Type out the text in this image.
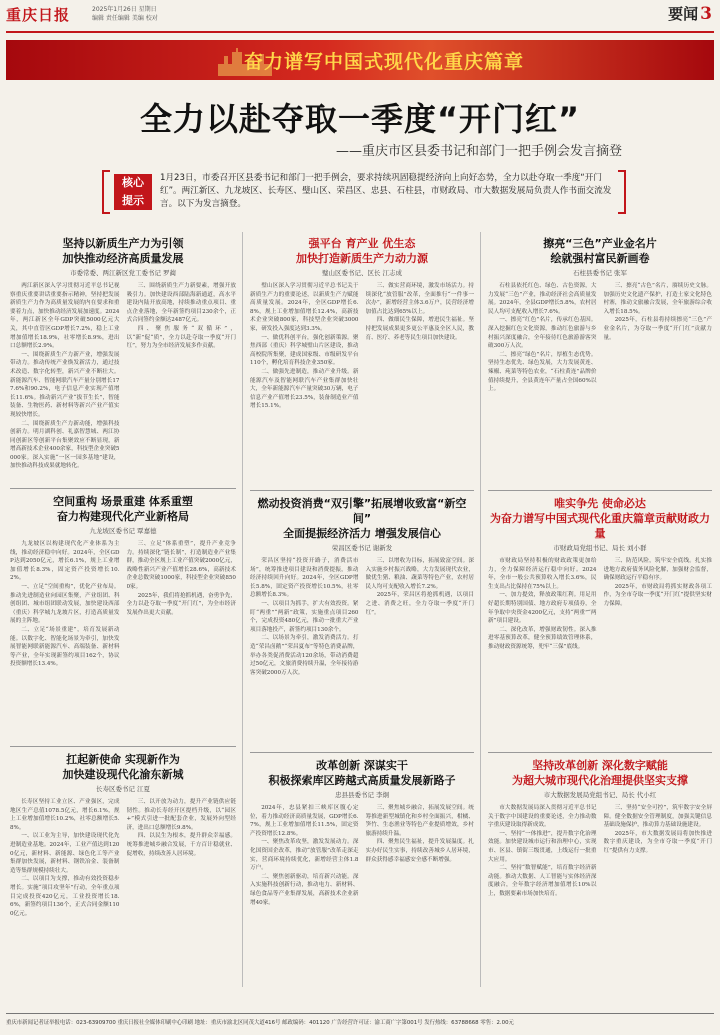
重庆日报	2025年1月26日 星期日
编辑 责任编辑 美编 校对	要闻 3
奋力谱写中国式现代化重庆篇章
全力以赴夺取一季度“开门红”
——重庆市区县委书记和部门一把手例会发言摘登
核心
提示
1月23日，市委召开区县委书记和部门一把手例会，要求持续巩固稳提经济向上向好态势，全力以赴夺取一季度“开门红”。两江新区、九龙坡区、长寿区、璧山区、荣昌区、忠县、石柱县，市财政局、市大数据发展局负责人作书面交流发言。以下为发言摘登。
坚持以新质生产力为引领
加快推动经济高质量发展
市委常委、两江新区党工委书记 罗蔺

两江新区深入学习贯彻习近平总书记视察重庆重要讲话重要指示精神，坚持把发展新质生产力作为高质量发展的内在要求和重要着力点，加快推动经济发展加速度。2024年，两江新区全年GDP突破5000亿元大关，其中直管区GDP增长7.2%，稳上工业增加值增长18.9%，社零增长8.9%，进出口总额增长2.9%。

一、围绕新质生产力新产业，增强发展带动力。推动传统产业焕发新活力，通过技术改造、数字化转型，新兴产业不断壮大。新能源汽车、智能网联汽车产量分别增长177.6%和90.2%，电子信息产业实现产值增长11.6%。推动新兴产业“拔节生长”，智能装备、生物医药、新材料等新兴产业产值实现较快增长。

二、围绕新质生产力新动能，增强科技创新力。明月湖科创、礼嘉智慧城、两江协同创新区等创新平台集聚效应不断显现，新增高新技术企业400余家，科技型企业突破5000家。深入实施“一区一园多基地”建设，加快推动科技成果就地转化。

三、围绕新质生产力新要素，增强开放吸引力。加快建设西部陆海新通道，高水平建设内陆开放高地，持续推动重点项目、重点企业落地，全年新签约项目230余个，正式合同签约金额达2487亿元。

四、聚焦服务“双循环”，以“新”促“质”，全力以赴夺取一季度“开门红”，努力为全市经济发展多作贡献。

空间重构 场景重建 体系重塑
奋力构建现代化产业新格局
九龙坡区委书记 覃嘉德

九龙坡区以构建现代化产业体系为主线，推动经济稳中向好。2024年，全区GDP达到2050亿元，增长6.1%，规上工业增加值增长8.3%，固定资产投资增长10.2%。

一、立足“空间重构”，优化产业布局。推动先进制造业向园区集聚，产业组团、科创组团、城市组团联动发展，加快建设西部（重庆）科学城九龙坡片区，打造高质量发展的主阵地。

二、立足“场景重建”，培育发展新动能。以数字化、智能化场景为牵引，加快发展智能网联新能源汽车、高端装备、新材料等产业，全年实现新签约项目162个，协议投资额增长13.4%。

三、立足“体系重塑”，提升产业竞争力。持续深化“链长制”，打造制造业产业集群，推动全区规上工业产值突破2000亿元，战略性新兴产业产值增长28.6%，高新技术企业总数突破1000家，科技型企业突破8500家。

2025年，我们将抢抓机遇，奋勇争先，全力以赴夺取一季度“开门红”，为全市经济发展作出更大贡献。

扛起新使命 实现新作为
加快建设现代化渝东新城
长寿区委书记 江夏

长寿区坚持工业立区、产业强区，完成地区生产总值1078.5亿元，增长6.1%，规上工业增加值增长10.2%，社零总额增长5.8%。

一、以工业为主导，加快建设现代化先进制造业基地。2024年，工业产值达到1200亿元，新材料、新能源、绿色化工等产业集群加快发展，新材料、钢铁冶金、装备制造等集群规模持续壮大。

二、以项目为支撑，推动有效投资稳步增长。实施“项目攻坚年”行动，全年重点项目完成投资420亿元，工业投资增长18.6%，新签约项目136个，正式合同金额1100亿元。

三、以开放为动力，提升产业链供应链韧性。推动长寿经开区提档升级，以“园区+”模式引进一批配套企业，发展外向型经济，进出口总额增长9.8%。

四、以民生为根本，提升群众幸福感。统筹推进城乡融合发展，千方百计稳就业、促增收，持续改善人居环境。

强平台 育产业 优生态
加快打造新质生产力动力源
璧山区委书记、区长 江志成

璧山区深入学习贯彻习近平总书记关于新质生产力的重要论述，以新质生产力赋能高质量发展。2024年，全区GDP增长6.8%，规上工业增加值增长12.4%，高新技术企业突破800家，科技型企业突破3000家，研发投入强度达到3.3%。

一、做优科创平台，强化创新策源。聚焦西部（重庆）科学城璧山片区建设，推动高校院所集聚，建成国家级、市级研发平台110个，孵化培育科技企业350家。

二、做强先进制造，推动产业升级。新能源汽车及智能网联汽车产业集群加快壮大，全年新能源汽车产量突破30万辆，电子信息产业产值增长23.5%，装备制造业产值增长15.1%。

三、做实营商环境，激发市场活力。持续深化“放管服”改革，全面推行“一件事一次办”，新增经营主体3.6万户，民营经济增加值占比达到65%以上。

四、做细民生保障，增进民生福祉。坚持把发展成果更多更公平惠及全区人民，教育、医疗、养老等民生项目加快建设。

燃动投资消费“双引擎”拓展增收致富“新空间”
全面提振经济活力 增强发展信心
荣昌区委书记 谢新发

荣昌区坚持“投资开路子，消费活市场”，统筹推进项目建设和消费提振，推动经济持续回升向好。2024年，全区GDP增长5.8%，固定资产投资增长10.5%，社零总额增长8.3%。

一、以项目为抓手，扩大有效投资。紧盯“两重”“两新”政策，实施重点项目260个，完成投资480亿元，推动一批重大产业项目落地投产，新签约项目130余个。

二、以场景为牵引，激发消费活力。打造“荣昌卤鹅”“荣昌夏布”等特色消费品牌，举办各类促消费活动120余场，带动消费超过50亿元，文旅消费持续升温，全年接待游客突破2000万人次。

三、以增收为目标，拓展致富空间。深入实施乡村振兴战略，大力发展现代农业，做优生猪、粮油、蔬菜等特色产业，农村居民人均可支配收入增长7.2%。

2025年，荣昌区将抢抓机遇，以项目之进、消费之旺，全力夺取一季度“开门红”。

改革创新 深谋实干
积极探索库区跨越式高质量发展新路子
忠县县委书记 李炯

2024年，忠县紧扣三峡库区腹心定位，着力推动经济高质量发展，GDP增长6.7%，规上工业增加值增长11.5%，固定资产投资增长12.8%。

一、聚焦改革攻坚，激发发展动力。深化国资国企改革，推动“放管服”改革走深走实，营商环境持续优化，新增经营主体1.8万户。

二、聚焦创新驱动，培育新兴动能。深入实施科技创新行动，推动电力、新材料、绿色食品等产业集群发展，高新技术企业新增40家。

三、聚焦城乡融合，拓展发展空间。统筹推进新型城镇化和乡村全面振兴，柑橘、笋竹、生态渔业等特色产业提质增效，乡村旅游持续升温。

四、聚焦民生福祉，提升发展温度。扎实办好民生实事，持续改善城乡人居环境，群众获得感幸福感安全感不断增强。

擦亮“三色”产业金名片
绘就强村富民新画卷
石柱县委书记 张军

石柱县依托红色、绿色、古色资源，大力发展“三色”产业，推动经济社会高质量发展。2024年，全县GDP增长5.8%，农村居民人均可支配收入增长7.6%。

一、擦亮“红色”名片，传承红色基因。深入挖掘红色文化资源，推动红色旅游与乡村振兴深度融合，全年接待红色旅游游客突破300万人次。

二、擦亮“绿色”名片，厚植生态优势。坚持生态优先、绿色发展，大力发展黄连、辣椒、莼菜等特色农业，“石柱黄连”品牌价值持续提升，全县黄连年产量占全国60%以上。

三、擦亮“古色”名片，赓续历史文脉。加强历史文化遗产保护，打造土家文化特色村寨，推动文旅融合发展，全年旅游综合收入增长18.5%。

2025年，石柱县将持续擦亮“三色”产业金名片，为夺取一季度“开门红”贡献力量。

唯实争先 使命必达
为奋力谱写中国式现代化重庆篇章贡献财政力量
市财政局党组书记、局长 刘小群

市财政局坚持积极的财政政策更加给力，全力保障经济运行稳中向好。2024年，全市一般公共预算收入增长3.6%，民生支出占比保持在75%以上。

一、加力提效，释放政策红利。用足用好超长期特别国债、地方政府专项债券，全年争取中央资金4200亿元，支持“两重”“两新”项目建设。

二、深化改革，增强财政韧性。深入推进零基预算改革，健全预算绩效管理体系，推动财政资源统筹，兜牢“三保”底线。

三、防范风险，筑牢安全底线。扎实推进地方政府债务风险化解，加强财会监督，确保财政运行平稳有序。

2025年，市财政局将抓实财政各项工作，为全市夺取一季度“开门红”提供坚实财力保障。

坚持改革创新 深化数字赋能
为超大城市现代化治理提供坚实支撑
市大数据发展局党组书记、局长 代小红

市大数据发展局深入贯彻习近平总书记关于数字中国建设的重要论述，全力推动数字重庆建设取得新成效。

一、坚持“一体推进”，提升数字化治理效能。加快建设城市运行和治理中心，实现市、区县、镇街三级贯通，上线运行一批重大应用。

二、坚持“数智赋能”，培育数字经济新动能。推动大数据、人工智能与实体经济深度融合，全年数字经济增加值增长10%以上，数据要素市场加快培育。

三、坚持“安全可控”，筑牢数字安全屏障。健全数据安全管理制度，加强关键信息基础设施保护，推动算力基础设施建设。

2025年，市大数据发展局将加快推进数字重庆建设，为全市夺取一季度“开门红”提供有力支撑。

重庆市新闻记者证举报电话：023-63909700 重庆日报社全媒体印刷中心印刷 地址：重庆市渝北区同茂大道416号 邮政编码：401120 广告经营许可证：渝工商广字第001号 发行热线：63788668 零售：2.00元
